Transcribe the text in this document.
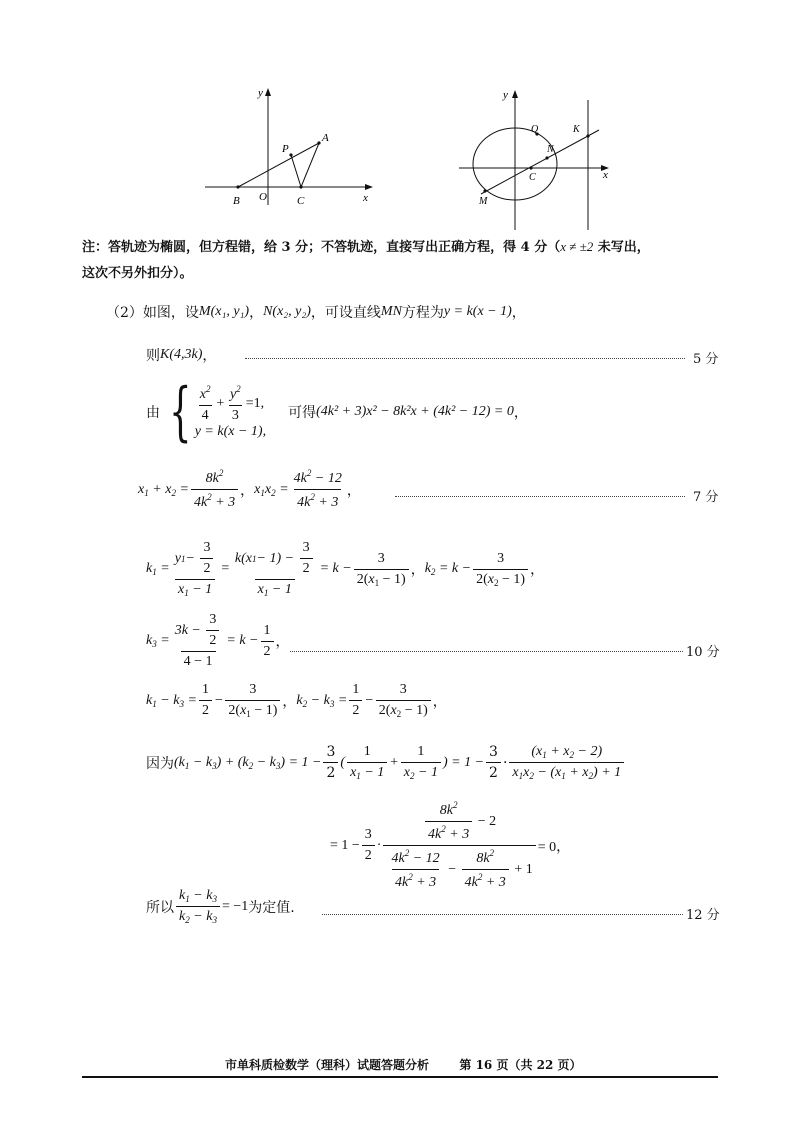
y
A
P
B O	C	x
y
Q	K
N
C	x
M
注：答轨迹为椭圆，但方程错，给 3 分；不答轨迹，直接写出正确方程，得 4 分（x ≠ ±2 未写出，
这次不另外扣分）。
（2）如图，设 M(x₁, y₁) ， N(x₂, y₂) ，可设直线 MN 方程为 y = k(x − 1) ，
则 K(4,3k) ，	5 分
由 { $\frac{x^2}{4} + \frac{y^2}{3} =1$,
y = k(x − 1),
可得 (4k² + 3)x² − 8k²x + (4k² − 12) = 0 ，
$x_1 + x_2 = \frac{8k^2}{4k^2 + 3}$ ， $x_1x_2 = \frac{4k^2 - 12}{4k^2 + 3}$ ，	7 分
$k_1 = \frac{y 1 - \frac{3}{2}}{x_1 - 1} = \frac{k(x 1 - 1) - \frac{3}{2}}{x_1 - 1} = k - \frac{3}{2(x_1 - 1)}$ ， $k_2 = k - \frac{3}{2(x_2 - 1)}$ ，
$k_3 = \frac{3k - \frac{3}{2}}{4 - 1} = k - \frac{1}{2}$ ，
10 分
$k_1 - k_3 = \frac{1}{2} - \frac{3}{2(x_1 - 1)}$ ， $k_2 - k_3 = \frac{1}{2} - \frac{3}{2(x_2 - 1)}$ ，
因为 $(k_1 - k_3) + (k_2 - k_3) = 1 - \frac{3}{2}$ ( $\frac{1}{x_1 - 1} + \frac{1}{x_2 - 1}$ ) = $1 - \frac{3}{2} \cdot \frac{(x_1 + x_2 - 2)}{x_1x_2 - (x_1 + x_2) + 1}$
= $1 - \frac{3}{2} \cdot \frac{\frac{8k^2}{4k^2 + 3} - 2}{\frac{4k^2 - 12}{4k^2 + 3} - \frac{8k^2}{4k^2 + 3} + 1} = 0$，
所以 $\frac{k_1 - k_3}{k_2 - k_3} = -1$ 为定值.	12 分
市单科质检数学（理科）试题答题分析	第 16 页（共 22 页）
